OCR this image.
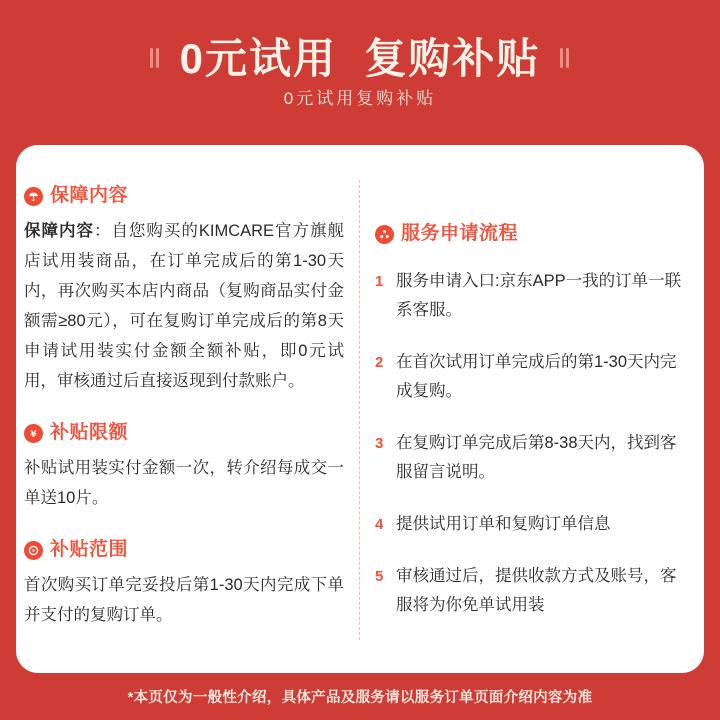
0元试用  复购补贴
0元试用复购补贴
保障内容
保障内容：自您购买的KIMCARE官方旗舰店试用装商品，在订单完成后的第1-30天内，再次购买本店内商品（复购商品实付金额需≥80元），可在复购订单完成后的第8天申请试用装实付金额全额补贴，即0元试用，审核通过后直接返现到付款账户。
¥ 补贴限额
补贴试用装实付金额一次，转介绍每成交一单送10片。
补贴范围
首次购买订单完妥投后第1-30天内完成下单并支付的复购订单。
服务申请流程
1 服务申请入口:京东APP一我的订单一联系客服。
2 在首次试用订单完成后的第1-30天内完成复购。
3 在复购订单完成后第8-38天内，找到客服留言说明。
4 提供试用订单和复购订单信息
5 审核通过后，提供收款方式及账号，客服将为你免单试用装
*本页仅为一般性介绍，具体产品及服务请以服务订单页面介绍内容为准
